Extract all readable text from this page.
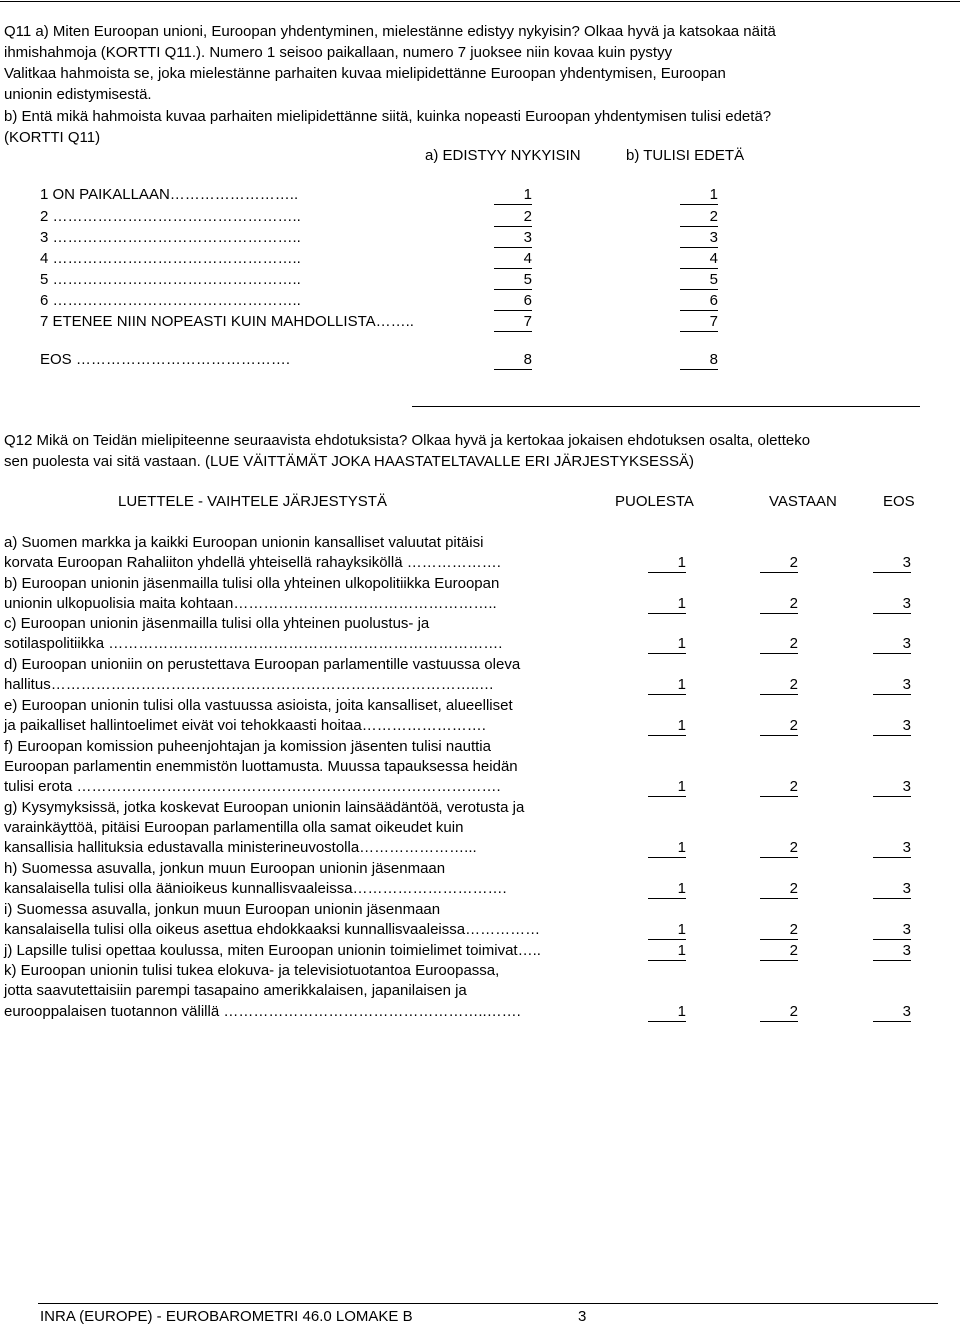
Q11 a) Miten Euroopan unioni, Euroopan yhdentyminen, mielestänne edistyy nykyisin? Olkaa hyvä ja katsokaa näitä
ihmishahmoja (KORTTI Q11.). Numero 1 seisoo paikallaan, numero 7 juoksee niin kovaa kuin pystyy
Valitkaa hahmoista se, joka mielestänne parhaiten kuvaa mielipidettänne Euroopan yhdentymisen, Euroopan
unionin edistymisestä.
b) Entä mikä hahmoista kuvaa parhaiten mielipidettänne siitä, kuinka nopeasti Euroopan yhdentymisen tulisi edetä?
(KORTTI Q11)
a) EDISTYY NYKYISIN	b) TULISI EDETÄ
1 ON PAIKALLAAN……………………..	1	1
2 …………………………………………..	2	2
3 …………………………………………..	3	3
4 …………………………………………..	4	4
5 …………………………………………..	5	5
6 …………………………………………..	6	6
7 ETENEE NIIN NOPEASTI KUIN MAHDOLLISTA……..	7	7
EOS …………………………………….	8	8
Q12 Mikä on Teidän mielipiteenne seuraavista ehdotuksista? Olkaa hyvä ja kertokaa jokaisen ehdotuksen osalta, oletteko
sen puolesta vai sitä vastaan. (LUE VÄITTÄMÄT JOKA HAASTATELTAVALLE ERI JÄRJESTYKSESSÄ)
LUETTELE - VAIHTELE JÄRJESTYSTÄ	PUOLESTA	VASTAAN	EOS
a) Suomen markka ja kaikki Euroopan unionin kansalliset valuutat pitäisi
korvata Euroopan Rahaliiton yhdellä yhteisellä rahayksiköllä ……………….	1	2	3
b) Euroopan unionin jäsenmailla tulisi olla yhteinen ulkopolitiikka Euroopan
unionin ulkopuolisia maita kohtaan……………………………………………..	1	2	3
c) Euroopan unionin jäsenmailla tulisi olla yhteinen puolustus- ja
sotilaspolitiikka …………………………………………………………………….	1	2	3
d) Euroopan unioniin on perustettava Euroopan parlamentille vastuussa oleva
hallitus…………………………………………………………………………..…	1	2	3
e) Euroopan unionin tulisi olla vastuussa asioista, joita kansalliset, alueelliset
ja paikalliset hallintoelimet eivät voi tehokkaasti hoitaa…………………….	1	2	3
f) Euroopan komission puheenjohtajan ja komission jäsenten tulisi nauttia
Euroopan parlamentin enemmistön luottamusta. Muussa tapauksessa heidän
tulisi erota ………………………………………………………………………….	1	2	3
g) Kysymyksissä, jotka koskevat Euroopan unionin lainsäädäntöä, verotusta ja
varainkäyttöä, pitäisi Euroopan parlamentilla olla samat oikeudet kuin
kansallisia hallituksia edustavalla ministerineuvostolla…………………...	1	2	3
h) Suomessa asuvalla, jonkun muun Euroopan unionin jäsenmaan
kansalaisella tulisi olla äänioikeus kunnallisvaaleissa………………………….	1	2	3
i) Suomessa asuvalla, jonkun muun Euroopan unionin jäsenmaan
kansalaisella tulisi olla oikeus asettua ehdokkaaksi kunnallisvaaleissa……………	1	2	3
j) Lapsille tulisi opettaa koulussa, miten Euroopan unionin toimielimet toimivat…..	1	2	3
k) Euroopan unionin tulisi tukea elokuva- ja televisiotuotantoa Euroopassa,
jotta saavutettaisiin parempi tasapaino amerikkalaisen, japanilaisen ja
eurooppalaisen tuotannon välillä ……………………………………………..…….	1	2	3
INRA (EUROPE) - EUROBAROMETRI 46.0 LOMAKE B	3
